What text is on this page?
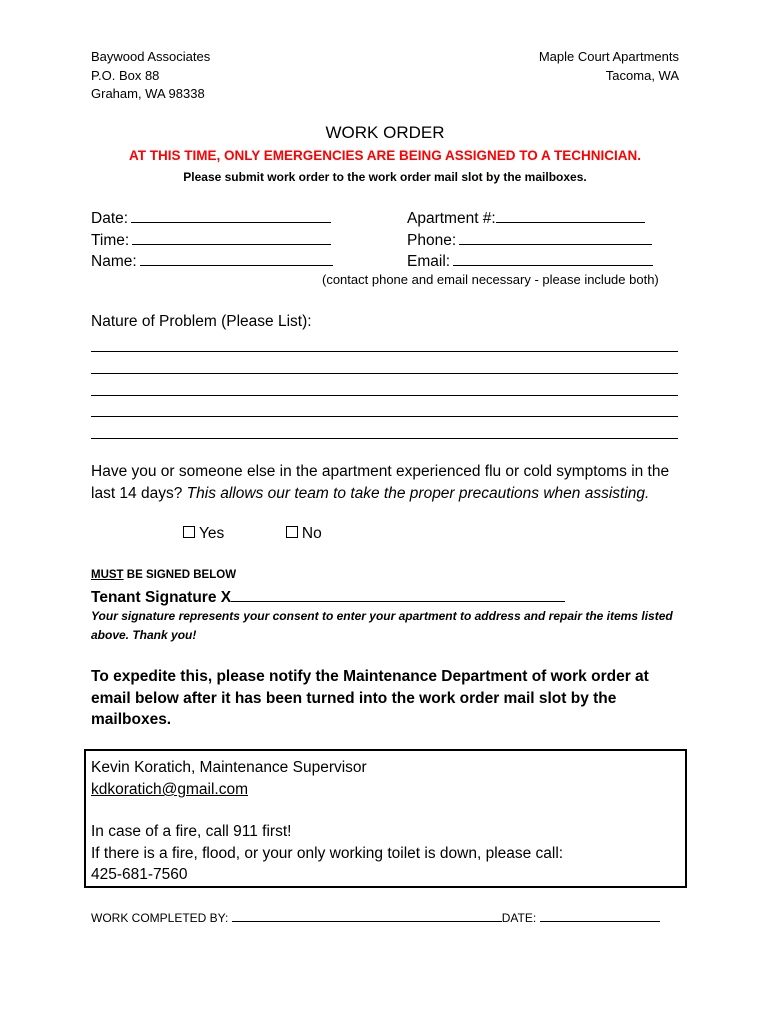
Baywood Associates
P.O. Box 88
Graham, WA 98338
Maple Court Apartments
Tacoma, WA
WORK ORDER
AT THIS TIME, ONLY EMERGENCIES ARE BEING ASSIGNED TO A TECHNICIAN.
Please submit work order to the work order mail slot by the mailboxes.
Date:
Time:
Name:
Apartment #:
Phone:
Email:
(contact phone and email necessary - please include both)
Nature of Problem (Please List):
Have you or someone else in the apartment experienced flu or cold symptoms in the last 14 days? This allows our team to take the proper precautions when assisting.
Yes	No
MUST BE SIGNED BELOW
Tenant Signature X
Your signature represents your consent to enter your apartment to address and repair the items listed above. Thank you!
To expedite this, please notify the Maintenance Department of work order at email below after it has been turned into the work order mail slot by the mailboxes.
Kevin Koratich, Maintenance Supervisor
kdkoratich@gmail.com
In case of a fire, call 911 first!
If there is a fire, flood, or your only working toilet is down, please call:
425-681-7560
WORK COMPLETED BY:	DATE:
